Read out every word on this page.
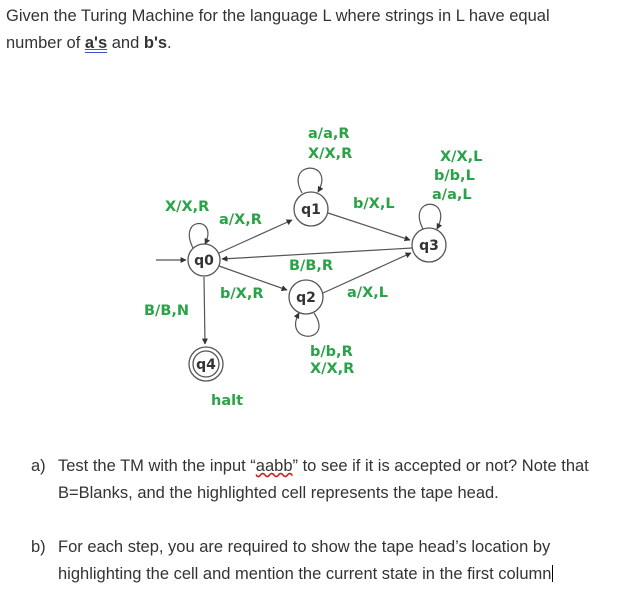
Given the Turing Machine for the language L where strings in L have equal number of a's and b's.

q0
q1
q2
q3
q4
X/X,R
a/X,R
b/X,R
B/B,N
a/a,R
X/X,R
b/X,L
X/X,L
b/b,L
a/a,L
B/B,R
a/X,L
b/b,R
X/X,R
halt
a) Test the TM with the input “aabb” to see if it is accepted or not? Note that B=Blanks, and the highlighted cell represents the tape head.
b) For each step, you are required to show the tape head’s location by highlighting the cell and mention the current state in the first column
